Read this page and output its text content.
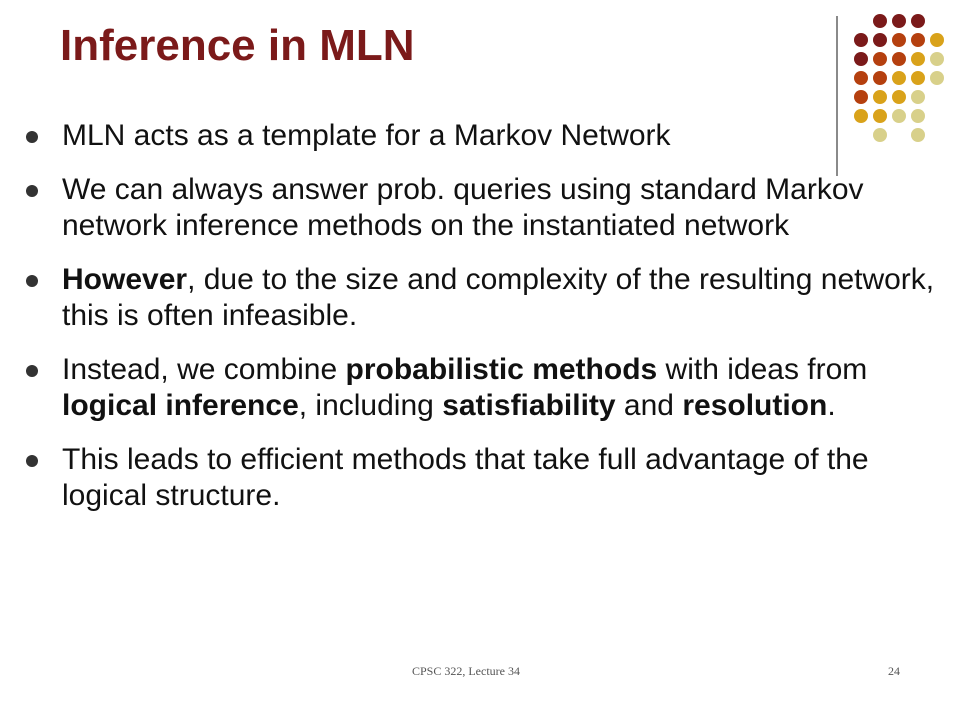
Inference in MLN
MLN acts as a template for a Markov Network
We can always answer prob. queries using standard Markov network inference methods on the instantiated network
However, due to the size and complexity of the resulting network, this is often infeasible.
Instead, we combine probabilistic methods with ideas from logical inference, including satisfiability and resolution.
This leads to efficient methods that take full advantage of the logical structure.
CPSC 322, Lecture 34	24
